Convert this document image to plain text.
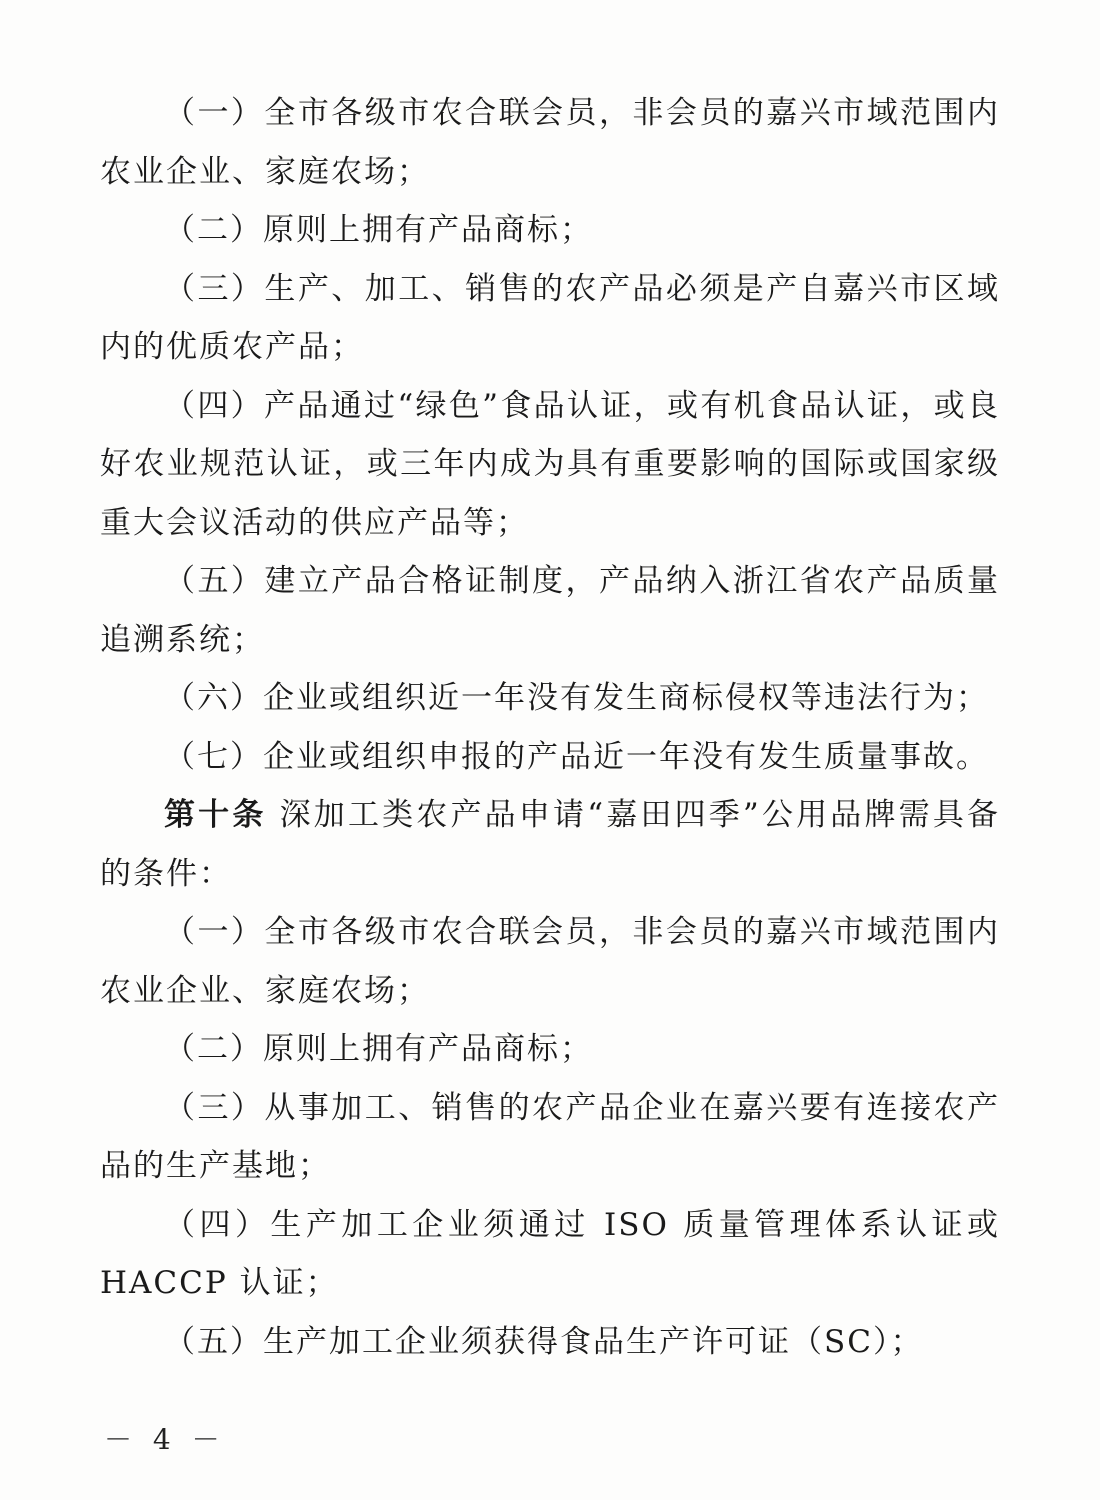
（一）全市各级市农合联会员，非会员的嘉兴市域范围内农业企业、家庭农场；

（二）原则上拥有产品商标；

（三）生产、加工、销售的农产品必须是产自嘉兴市区域内的优质农产品；

（四）产品通过“绿色”食品认证，或有机食品认证，或良好农业规范认证，或三年内成为具有重要影响的国际或国家级重大会议活动的供应产品等；

（五）建立产品合格证制度，产品纳入浙江省农产品质量追溯系统；

（六）企业或组织近一年没有发生商标侵权等违法行为；

（七）企业或组织申报的产品近一年没有发生质量事故。

第十条 深加工类农产品申请“嘉田四季”公用品牌需具备的条件：

（一）全市各级市农合联会员，非会员的嘉兴市域范围内农业企业、家庭农场；

（二）原则上拥有产品商标；

（三）从事加工、销售的农产品企业在嘉兴要有连接农产品的生产基地；

（四）生产加工企业须通过 ISO 质量管理体系认证或 HACCP 认证；

（五）生产加工企业须获得食品生产许可证（SC）；

－ 4 －
